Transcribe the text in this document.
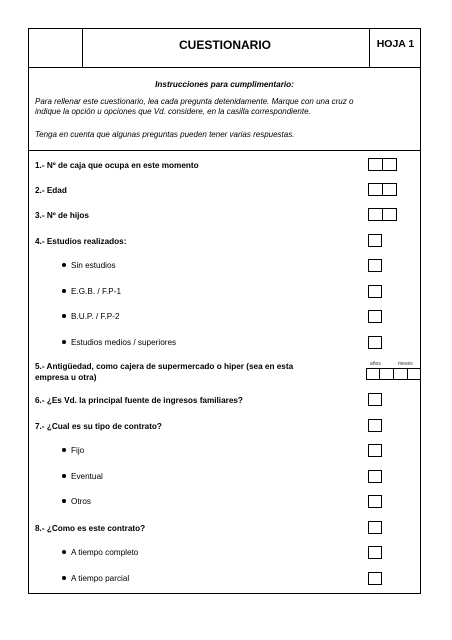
CUESTIONARIO	HOJA 1
Instrucciones para cumplimentario:
Para rellenar este cuestionario, lea cada pregunta detenidamente. Marque con una cruz o
indique la opción u opciones que Vd. considere, en la casilla correspondiente.
Tenga en cuenta que algunas preguntas pueden tener varias respuestas.
1.- Nº de caja que ocupa en este momento
2.- Edad
3.- Nº de hijos
4.- Estudios realizados:
Sin estudios
E.G.B. / F.P-1
B.U.P. / F.P-2
Estudios medios / superiores
5.- Antigüedad, como cajera de supermercado o hiper (sea en esta
empresa u otra)
años	meses
6.- ¿Es Vd. la principal fuente de ingresos familiares?
7.- ¿Cual es su tipo de contrato?
Fijo
Eventual
Otros
8.- ¿Como es este contrato?
A tiempo completo
A tiempo parcial
